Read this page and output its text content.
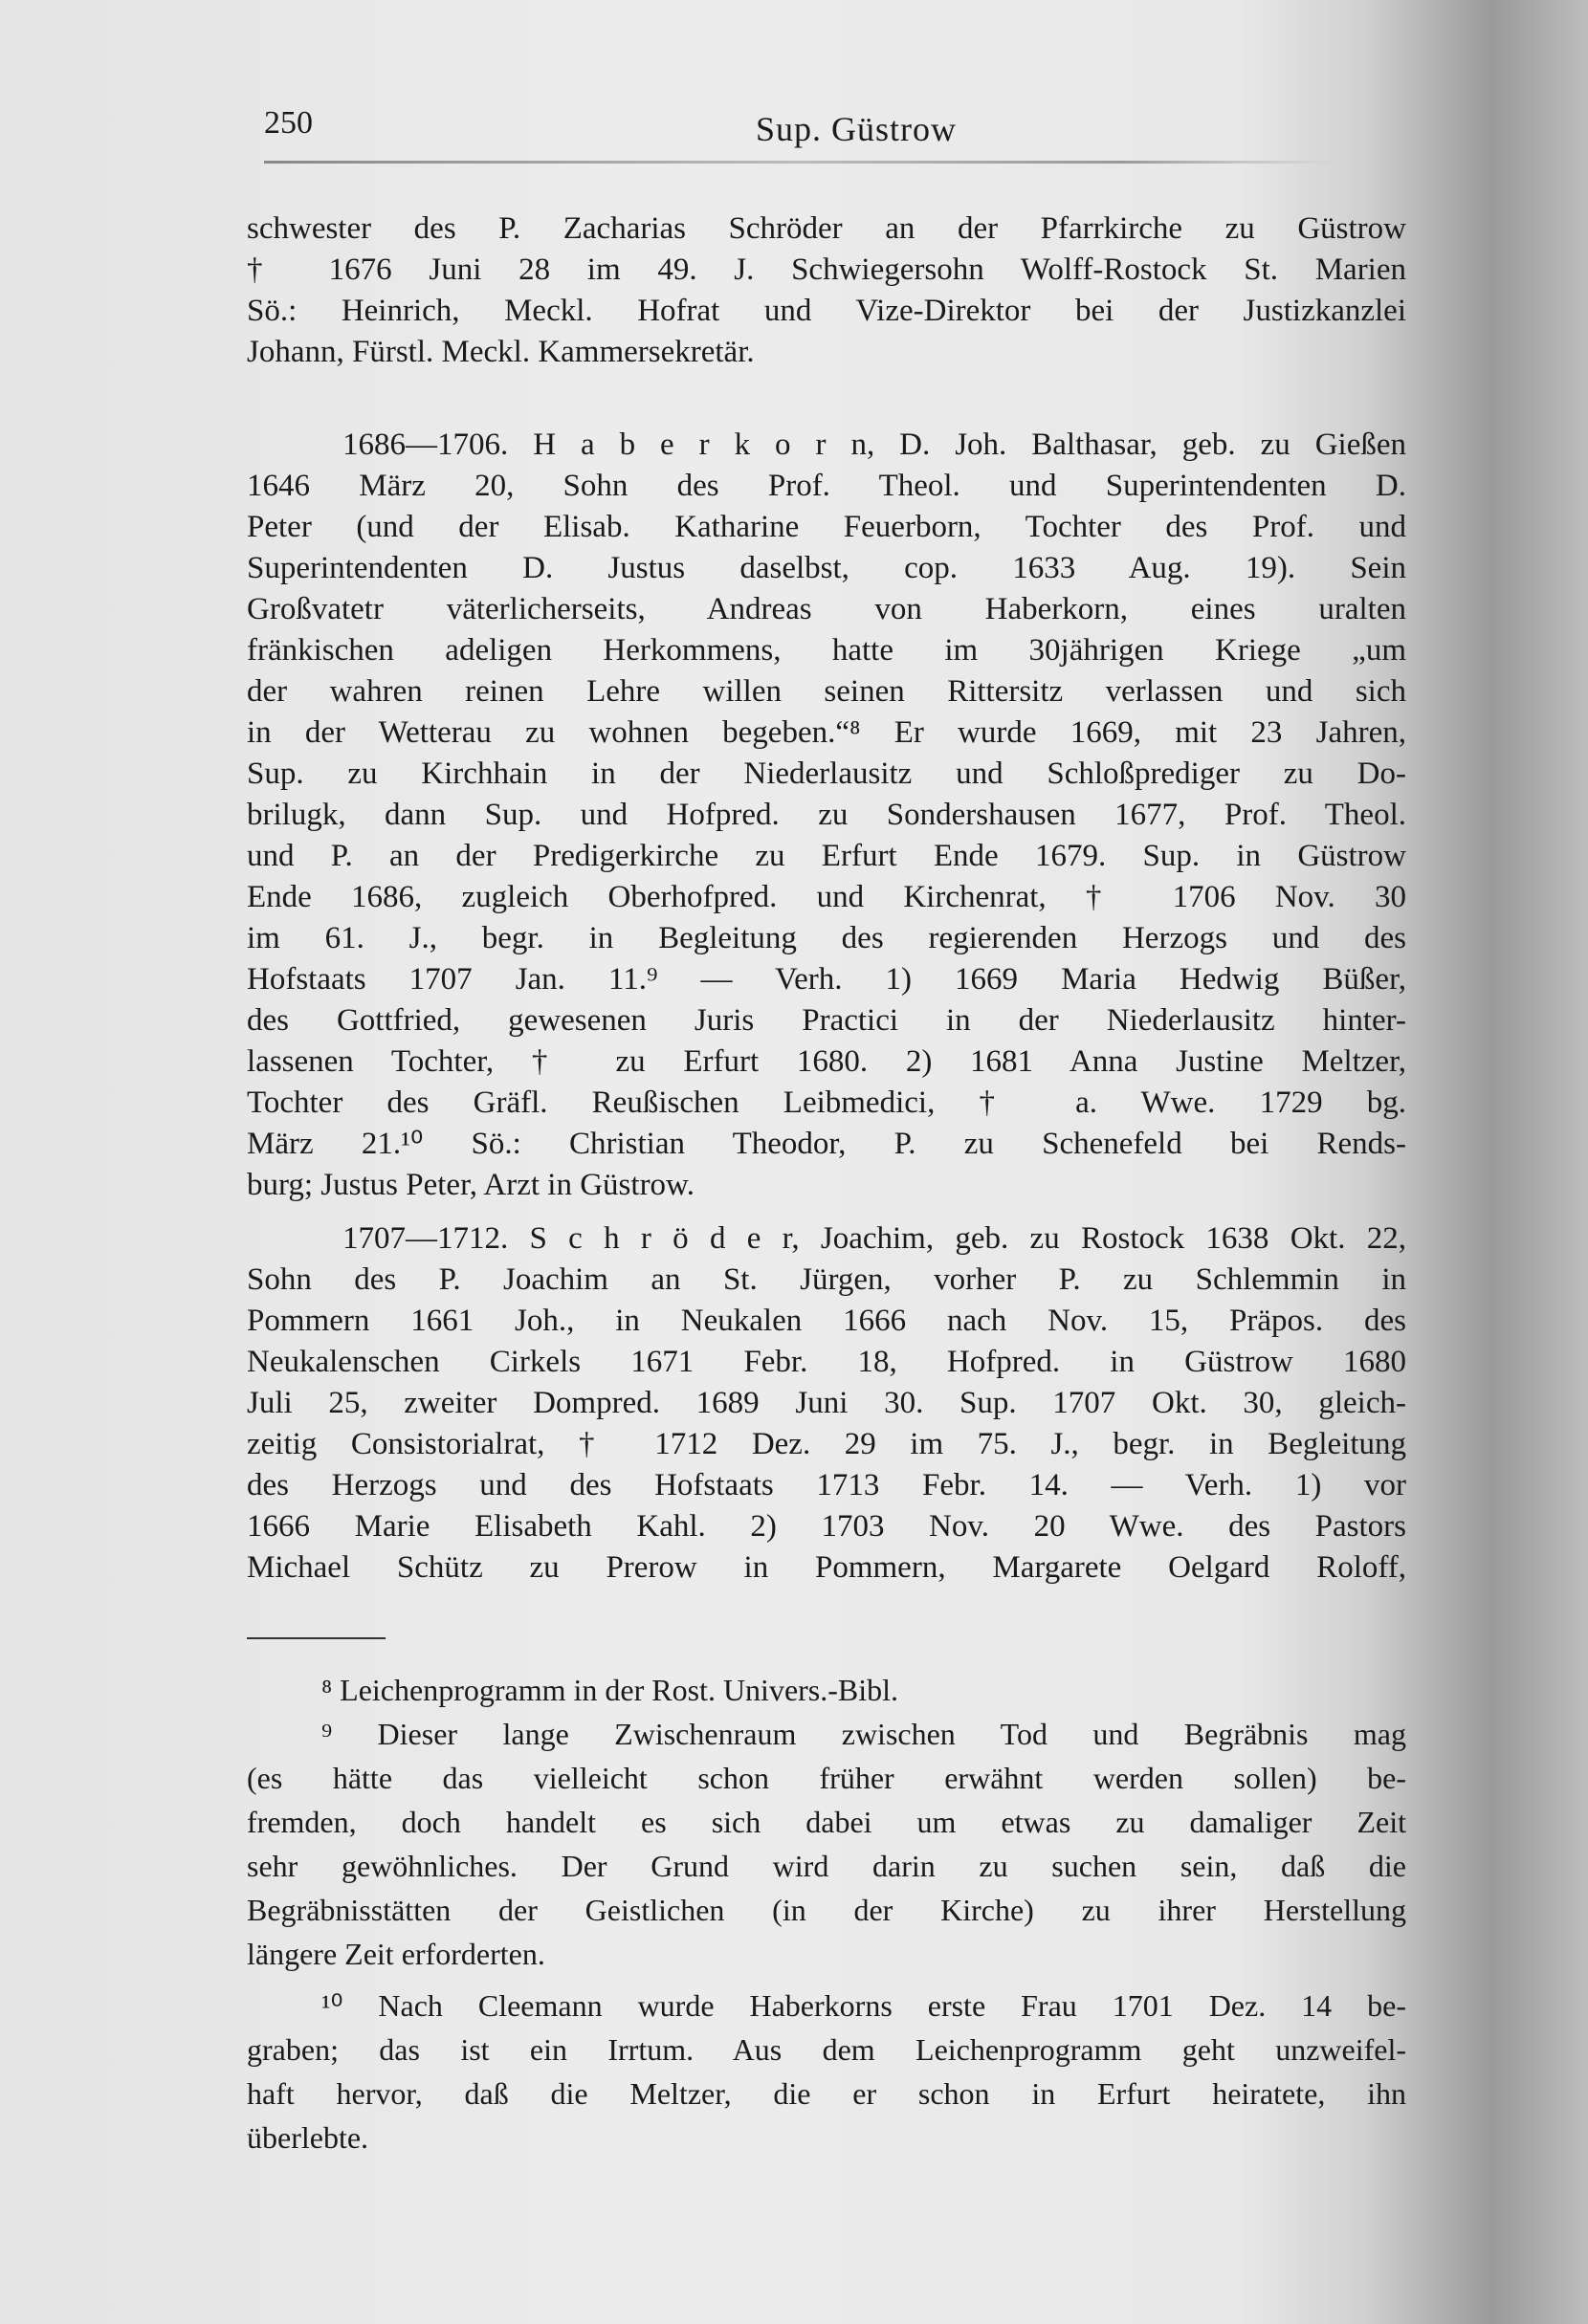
250	Sup. Güstrow
schwester des P. Zacharias Schröder an der Pfarrkirche zu Güstrow
† 1676 Juni 28 im 49. J. Schwiegersohn Wolff-Rostock St. Marien
Sö.: Heinrich, Meckl. Hofrat und Vize-Direktor bei der Justizkanzlei
Johann, Fürstl. Meckl. Kammersekretär.
1686—1706. H a b e r k o r n, D. Joh. Balthasar, geb. zu Gießen
1646 März 20, Sohn des Prof. Theol. und Superintendenten D.
Peter (und der Elisab. Katharine Feuerborn, Tochter des Prof. und
Superintendenten D. Justus daselbst, cop. 1633 Aug. 19). Sein
Großvatetr väterlicherseits, Andreas von Haberkorn, eines uralten
fränkischen adeligen Herkommens, hatte im 30jährigen Kriege „um
der wahren reinen Lehre willen seinen Rittersitz verlassen und sich
in der Wetterau zu wohnen begeben.“⁸ Er wurde 1669, mit 23 Jahren,
Sup. zu Kirchhain in der Niederlausitz und Schloßprediger zu Do-
brilugk, dann Sup. und Hofpred. zu Sondershausen 1677, Prof. Theol.
und P. an der Predigerkirche zu Erfurt Ende 1679. Sup. in Güstrow
Ende 1686, zugleich Oberhofpred. und Kirchenrat, † 1706 Nov. 30
im 61. J., begr. in Begleitung des regierenden Herzogs und des
Hofstaats 1707 Jan. 11.⁹ — Verh. 1) 1669 Maria Hedwig Büßer,
des Gottfried, gewesenen Juris Practici in der Niederlausitz hinter-
lassenen Tochter, † zu Erfurt 1680. 2) 1681 Anna Justine Meltzer,
Tochter des Gräfl. Reußischen Leibmedici, † a. Wwe. 1729 bg.
März 21.¹⁰ Sö.: Christian Theodor, P. zu Schenefeld bei Rends-
burg; Justus Peter, Arzt in Güstrow.
1707—1712. S c h r ö d e r, Joachim, geb. zu Rostock 1638 Okt. 22,
Sohn des P. Joachim an St. Jürgen, vorher P. zu Schlemmin in
Pommern 1661 Joh., in Neukalen 1666 nach Nov. 15, Präpos. des
Neukalenschen Cirkels 1671 Febr. 18, Hofpred. in Güstrow 1680
Juli 25, zweiter Dompred. 1689 Juni 30. Sup. 1707 Okt. 30, gleich-
zeitig Consistorialrat, † 1712 Dez. 29 im 75. J., begr. in Begleitung
des Herzogs und des Hofstaats 1713 Febr. 14. — Verh. 1) vor
1666 Marie Elisabeth Kahl. 2) 1703 Nov. 20 Wwe. des Pastors
Michael Schütz zu Prerow in Pommern, Margarete Oelgard Roloff,
⁸ Leichenprogramm in der Rost. Univers.-Bibl.
⁹ Dieser lange Zwischenraum zwischen Tod und Begräbnis mag
(es hätte das vielleicht schon früher erwähnt werden sollen) be-
fremden, doch handelt es sich dabei um etwas zu damaliger Zeit
sehr gewöhnliches. Der Grund wird darin zu suchen sein, daß die
Begräbnisstätten der Geistlichen (in der Kirche) zu ihrer Herstellung
längere Zeit erforderten.
¹⁰ Nach Cleemann wurde Haberkorns erste Frau 1701 Dez. 14 be-
graben; das ist ein Irrtum. Aus dem Leichenprogramm geht unzweifel-
haft hervor, daß die Meltzer, die er schon in Erfurt heiratete, ihn
überlebte.
